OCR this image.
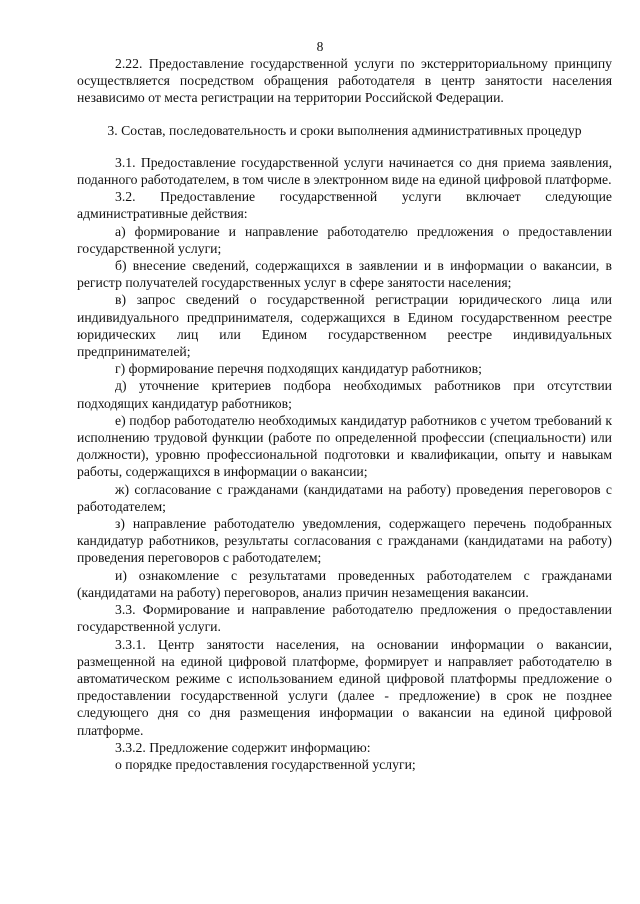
8

2.22. Предоставление государственной услуги по экстерриториальному принципу осуществляется посредством обращения работодателя в центр занятости населения независимо от места регистрации на территории Российской Федерации.

3. Состав, последовательность и сроки выполнения административных процедур

3.1. Предоставление государственной услуги начинается со дня приема заявления, поданного работодателем, в том числе в электронном виде на единой цифровой платформе.

3.2. Предоставление государственной услуги включает следующие административные действия:

а) формирование и направление работодателю предложения о предоставлении государственной услуги;

б) внесение сведений, содержащихся в заявлении и в информации о вакансии, в регистр получателей государственных услуг в сфере занятости населения;

в) запрос сведений о государственной регистрации юридического лица или индивидуального предпринимателя, содержащихся в Едином государственном реестре юридических лиц или Едином государственном реестре индивидуальных предпринимателей;

г) формирование перечня подходящих кандидатур работников;

д) уточнение критериев подбора необходимых работников при отсутствии подходящих кандидатур работников;

е) подбор работодателю необходимых кандидатур работников с учетом требований к исполнению трудовой функции (работе по определенной профессии (специальности) или должности), уровню профессиональной подготовки и квалификации, опыту и навыкам работы, содержащихся в информации о вакансии;

ж) согласование с гражданами (кандидатами на работу) проведения переговоров с работодателем;

з) направление работодателю уведомления, содержащего перечень подобранных кандидатур работников, результаты согласования с гражданами (кандидатами на работу) проведения переговоров с работодателем;

и) ознакомление с результатами проведенных работодателем с гражданами (кандидатами на работу) переговоров, анализ причин незамещения вакансии.

3.3. Формирование и направление работодателю предложения о предоставлении государственной услуги.

3.3.1. Центр занятости населения, на основании информации о вакансии, размещенной на единой цифровой платформе, формирует и направляет работодателю в автоматическом режиме с использованием единой цифровой платформы предложение о предоставлении государственной услуги (далее - предложение) в срок не позднее следующего дня со дня размещения информации о вакансии на единой цифровой платформе.

3.3.2. Предложение содержит информацию:

о порядке предоставления государственной услуги;
